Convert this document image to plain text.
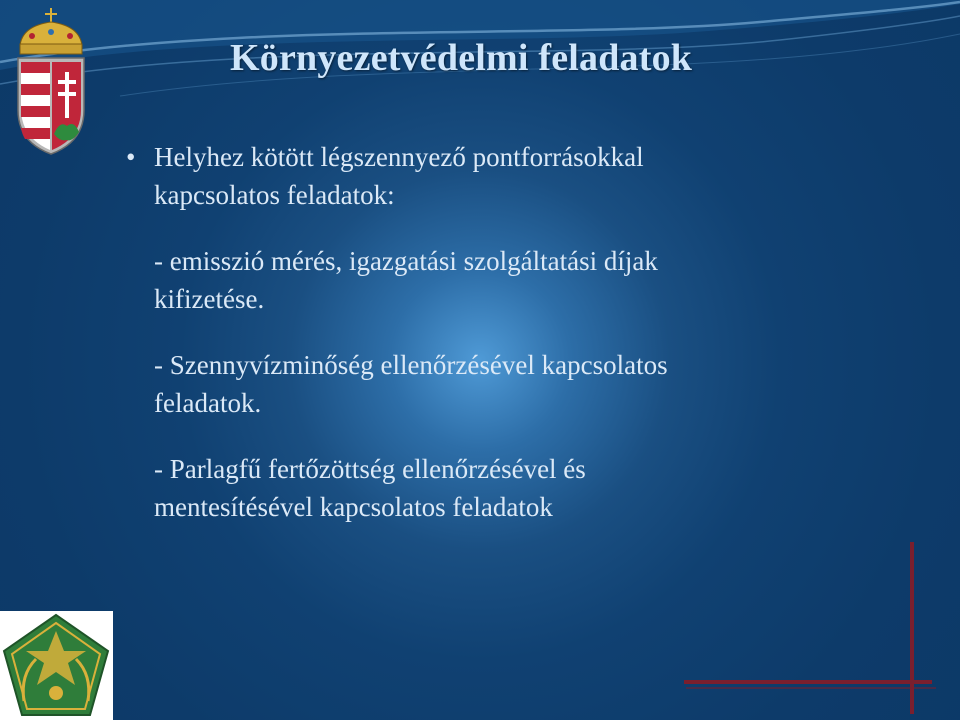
Környezetvédelmi feladatok

• Helyhez kötött légszennyező pontforrásokkal
kapcsolatos feladatok:

- emisszió mérés, igazgatási szolgáltatási díjak
kifizetése.

- Szennyvízminőség ellenőrzésével kapcsolatos
feladatok.

- Parlagfű fertőzöttség ellenőrzésével és
mentesítésével kapcsolatos feladatok
